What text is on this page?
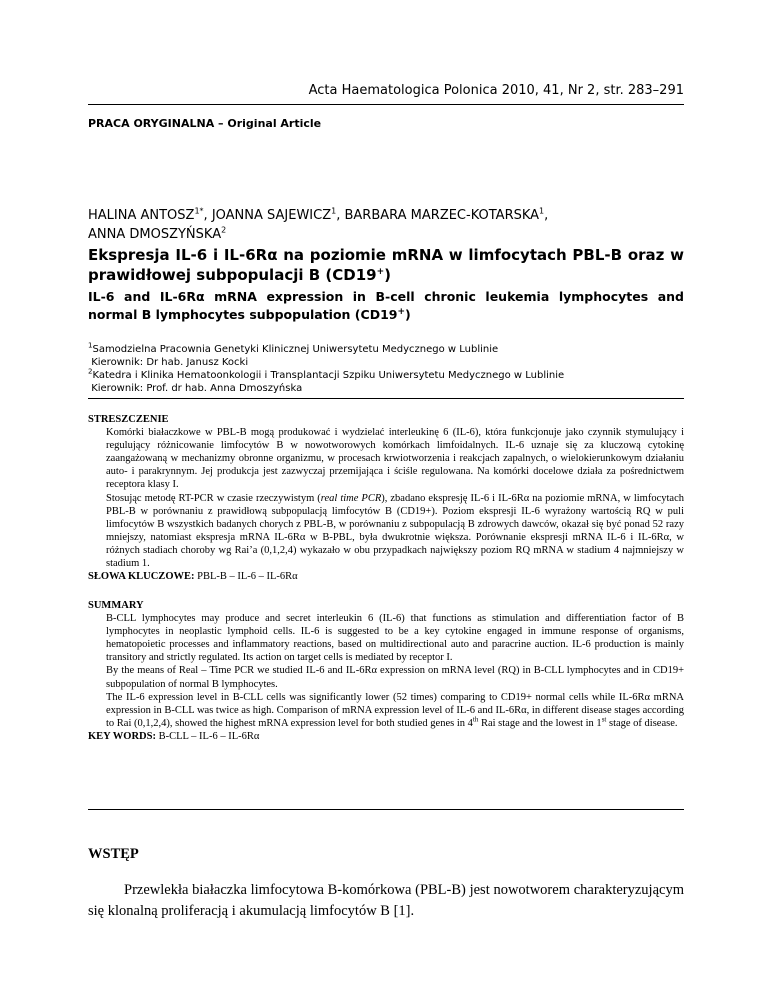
Acta Haematologica Polonica 2010, 41, Nr 2, str. 283–291
PRACA ORYGINALNA – Original Article
HALINA $ANTOSZ^{1*}$, JOANNA SAJEWICZ$^1$, BARBARA MARZEC-KOTARSKA$^1$,
ANNA DMOSZYŃSKA$^2$
Ekspresja IL-6 i IL-6Rα na poziomie mRNA w limfocytach PBL-B oraz w prawidłowej subpopulacji B (CD19+)
IL-6 and IL-6Rα mRNA expression in B-cell chronic leukemia lymphocytes and normal B lymphocytes subpopulation (CD19+)
$^1$Samodzielna Pracownia Genetyki Klinicznej Uniwersytetu Medycznego w Lublinie
Kierownik: Dr hab. Janusz Kocki
$^2$Katedra i Klinika Hematoonkologii i Transplantacji Szpiku Uniwersytetu Medycznego w Lublinie
Kierownik: Prof. dr hab. Anna Dmoszyńska
STRESZCZENIE

Komórki białaczkowe w PBL-B mogą produkować i wydzielać interleukinę 6 (IL-6), która funkcjonuje jako czynnik stymulujący i regulujący różnicowanie limfocytów B w nowotworowych komórkach limfoidalnych. IL-6 uznaje się za kluczową cytokinę zaangażowaną w mechanizmy obronne organizmu, w procesach krwiotworzenia i reakcjach zapalnych, o wielokierunkowym działaniu auto- i parakrynnym. Jej produkcja jest zazwyczaj przemijająca i ściśle regulowana. Na komórki docelowe działa za pośrednictwem receptora klasy I.

Stosując metodę RT-PCR w czasie rzeczywistym (real time PCR), zbadano ekspresję IL-6 i IL-6Rα na poziomie mRNA, w limfocytach PBL-B w porównaniu z prawidłową subpopulacją limfocytów B (CD19+). Poziom ekspresji IL-6 wyrażony wartością RQ w puli limfocytów B wszystkich badanych chorych z PBL-B, w porównaniu z subpopulacją B zdrowych dawców, okazał się być ponad 52 razy mniejszy, natomiast ekspresja mRNA IL-6Rα w B-PBL, była dwukrotnie większa. Porównanie ekspresji mRNA IL-6 i IL-6Rα, w różnych stadiach choroby wg Rai’a (0,1,2,4) wykazało w obu przypadkach największy poziom RQ mRNA w stadium 4 najmniejszy w stadium 1.

SŁOWA KLUCZOWE: PBL-B – IL-6 – IL-6Rα
SUMMARY

B-CLL lymphocytes may produce and secret interleukin 6 (IL-6) that functions as stimulation and differentiation factor of B lymphocytes in neoplastic lymphoid cells. IL-6 is suggested to be a key cytokine engaged in immune response of organisms, hematopoietic processes and inflammatory reactions, based on multidirectional auto and paracrine auction. IL-6 production is mainly transitory and strictly regulated. Its action on target cells is mediated by receptor I.

By the means of Real – Time PCR we studied IL-6 and IL-6Rα expression on mRNA level (RQ) in B-CLL lymphocytes and in CD19+ subpopulation of normal B lymphocytes.

The IL-6 expression level in B-CLL cells was significantly lower (52 times) comparing to CD19+ normal cells while IL-6Rα mRNA expression in B-CLL was twice as high. Comparison of mRNA expression level of IL-6 and IL-6Rα, in different disease stages according to Rai (0,1,2,4), showed the highest mRNA expression level for both studied genes in 4th Rai stage and the lowest in 1st stage of disease.

KEY WORDS: B-CLL – IL-6 – IL-6Rα
WSTĘP
Przewlekła białaczka limfocytowa B-komórkowa (PBL-B) jest nowotworem charakteryzującym się klonalną proliferacją i akumulacją limfocytów B [1].
